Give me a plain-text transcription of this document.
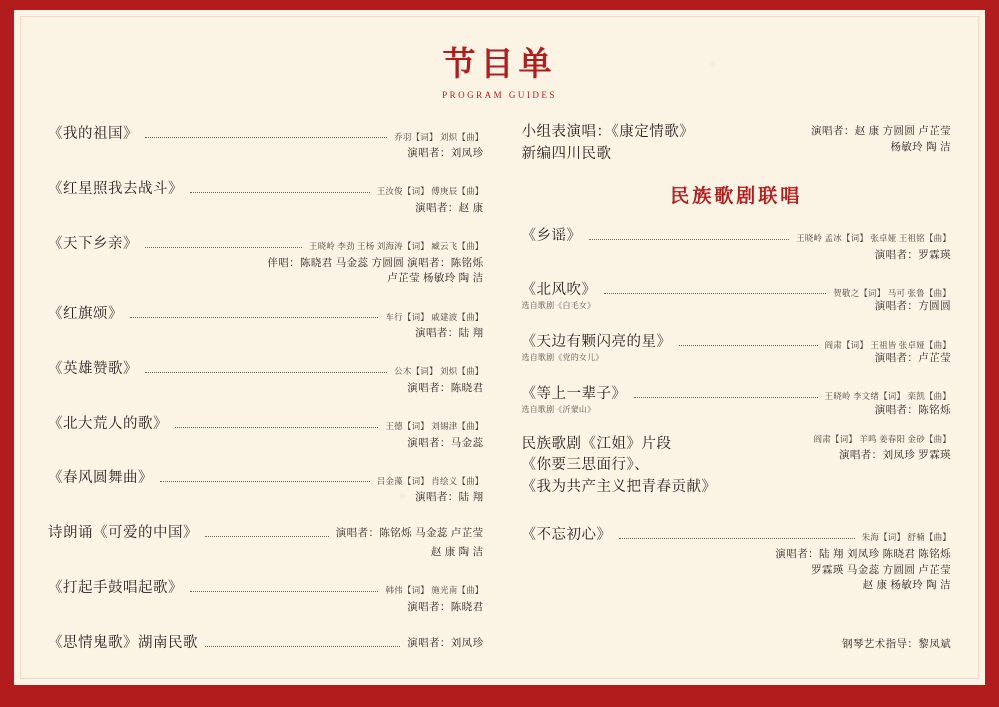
节目单
PROGRAM GUIDES
《我的祖国》	乔羽【词】 刘炽【曲】
演唱者：刘凤珍
《红星照我去战斗》	王汝俊【词】 傅庚辰【曲】
演唱者：赵 康
《天下乡亲》	王晓岭 李劲 王杨 刘海涛【词】 臧云飞【曲】
伴唱：陈晓君 马金蕊 方圆圆 演唱者：陈铭烁
卢芷莹 杨敏玲 陶 洁
《红旗颂》	车行【词】 戚建波【曲】
演唱者：陆 翔
《英雄赞歌》	公木【词】 刘炽【曲】
演唱者：陈晓君
《北大荒人的歌》	王德【词】 刘锡津【曲】
演唱者：马金蕊
《春风圆舞曲》	吕金藻【词】 肖绘义【曲】
演唱者：陆 翔
诗朗诵《可爱的中国》	演唱者：陈铭烁 马金蕊 卢芷莹
赵 康 陶 洁
《打起手鼓唱起歌》	韩伟【词】 施光南【曲】
演唱者：陈晓君
《思情鬼歌》湖南民歌	演唱者：刘凤珍
小组表演唱：《康定情歌》
新编四川民歌
演唱者：赵 康 方圆圆 卢芷莹
杨敏玲 陶 洁
民族歌剧联唱
《乡谣》	王晓岭 孟冰【词】 张卓娅 王祖铭【曲】
演唱者：罗霖瑛
《北风吹》	贺敬之【词】 马可 张鲁【曲】
选自歌剧《白毛女》	演唱者：方圆圆
《天边有颗闪亮的星》	阎肃【词】 王祖皆 张卓娅【曲】
选自歌剧《党的女儿》	演唱者：卢芷莹
《等上一辈子》	王晓岭 李文绪【词】 栾凯【曲】
选自歌剧《沂蒙山》	演唱者：陈铭烁
民族歌剧《江姐》片段
《你要三思面行》、
《我为共产主义把青春贡献》
阎肃【词】 羊鸣 姜春阳 金砂【曲】
演唱者：刘凤珍 罗霖瑛
《不忘初心》	朱海【词】 舒楠【曲】
演唱者：陆 翔 刘凤珍 陈晓君 陈铭烁
罗霖瑛 马金蕊 方圆圆 卢芷莹
赵 康 杨敏玲 陶 洁
钢琴艺术指导：黎凤斌
